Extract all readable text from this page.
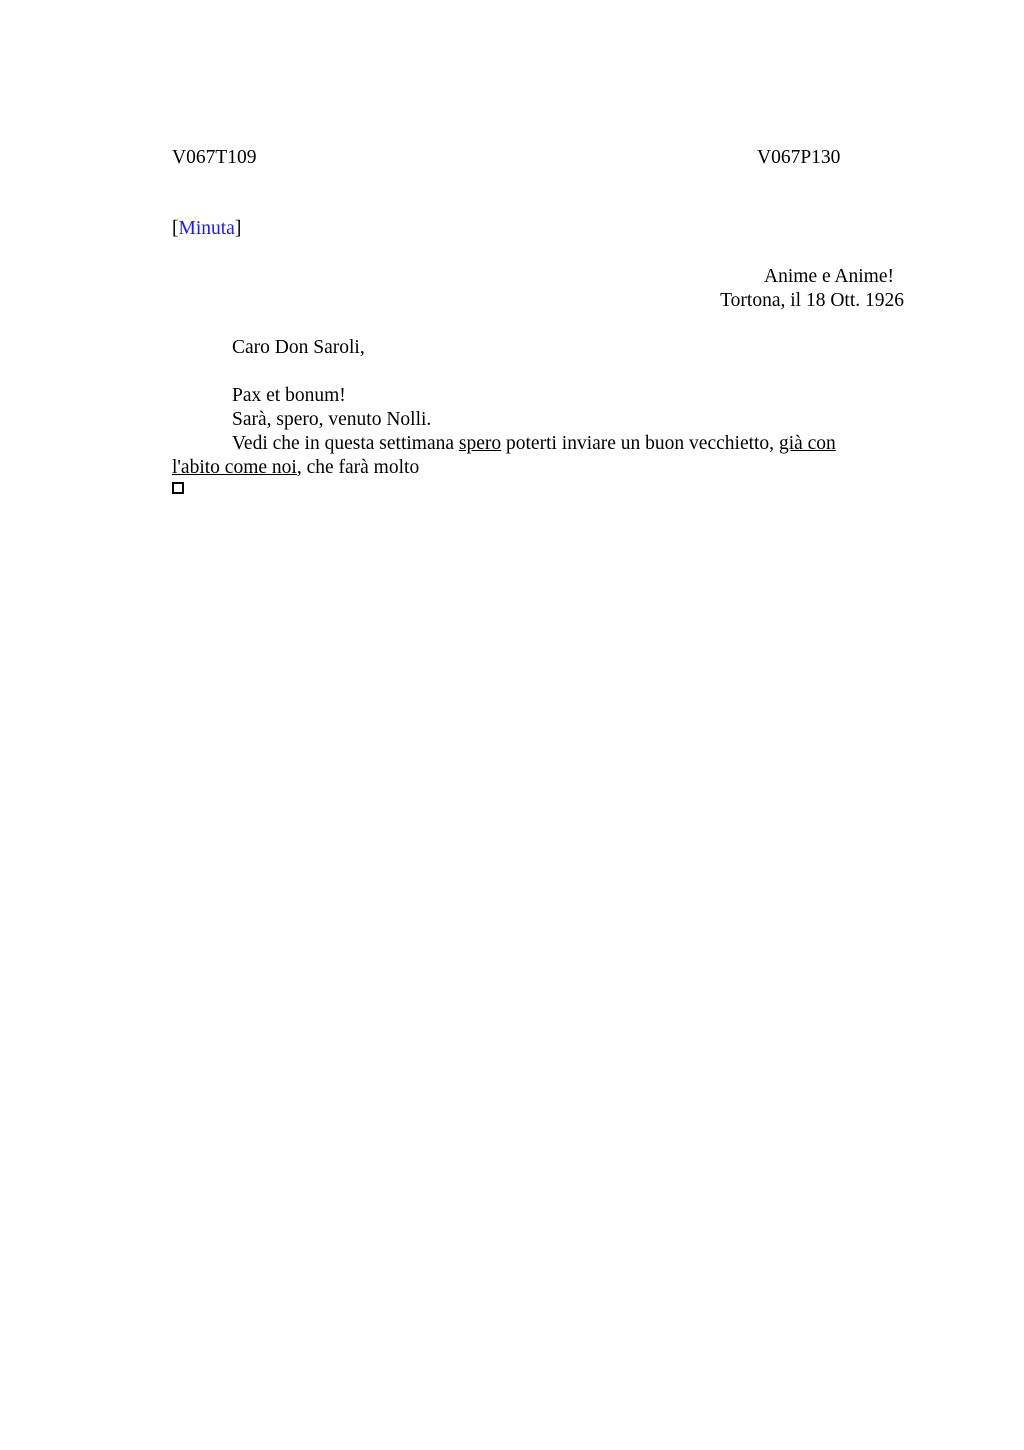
V067T109	V067P130
[Minuta]
Anime e Anime!
Tortona, il 18 Ott. 1926
Caro Don Saroli,
Pax et bonum!
Sarà, spero, venuto Nolli.
Vedi che in questa settimana spero poterti inviare un buon vecchietto, già con
l'abito come noi, che farà molto
